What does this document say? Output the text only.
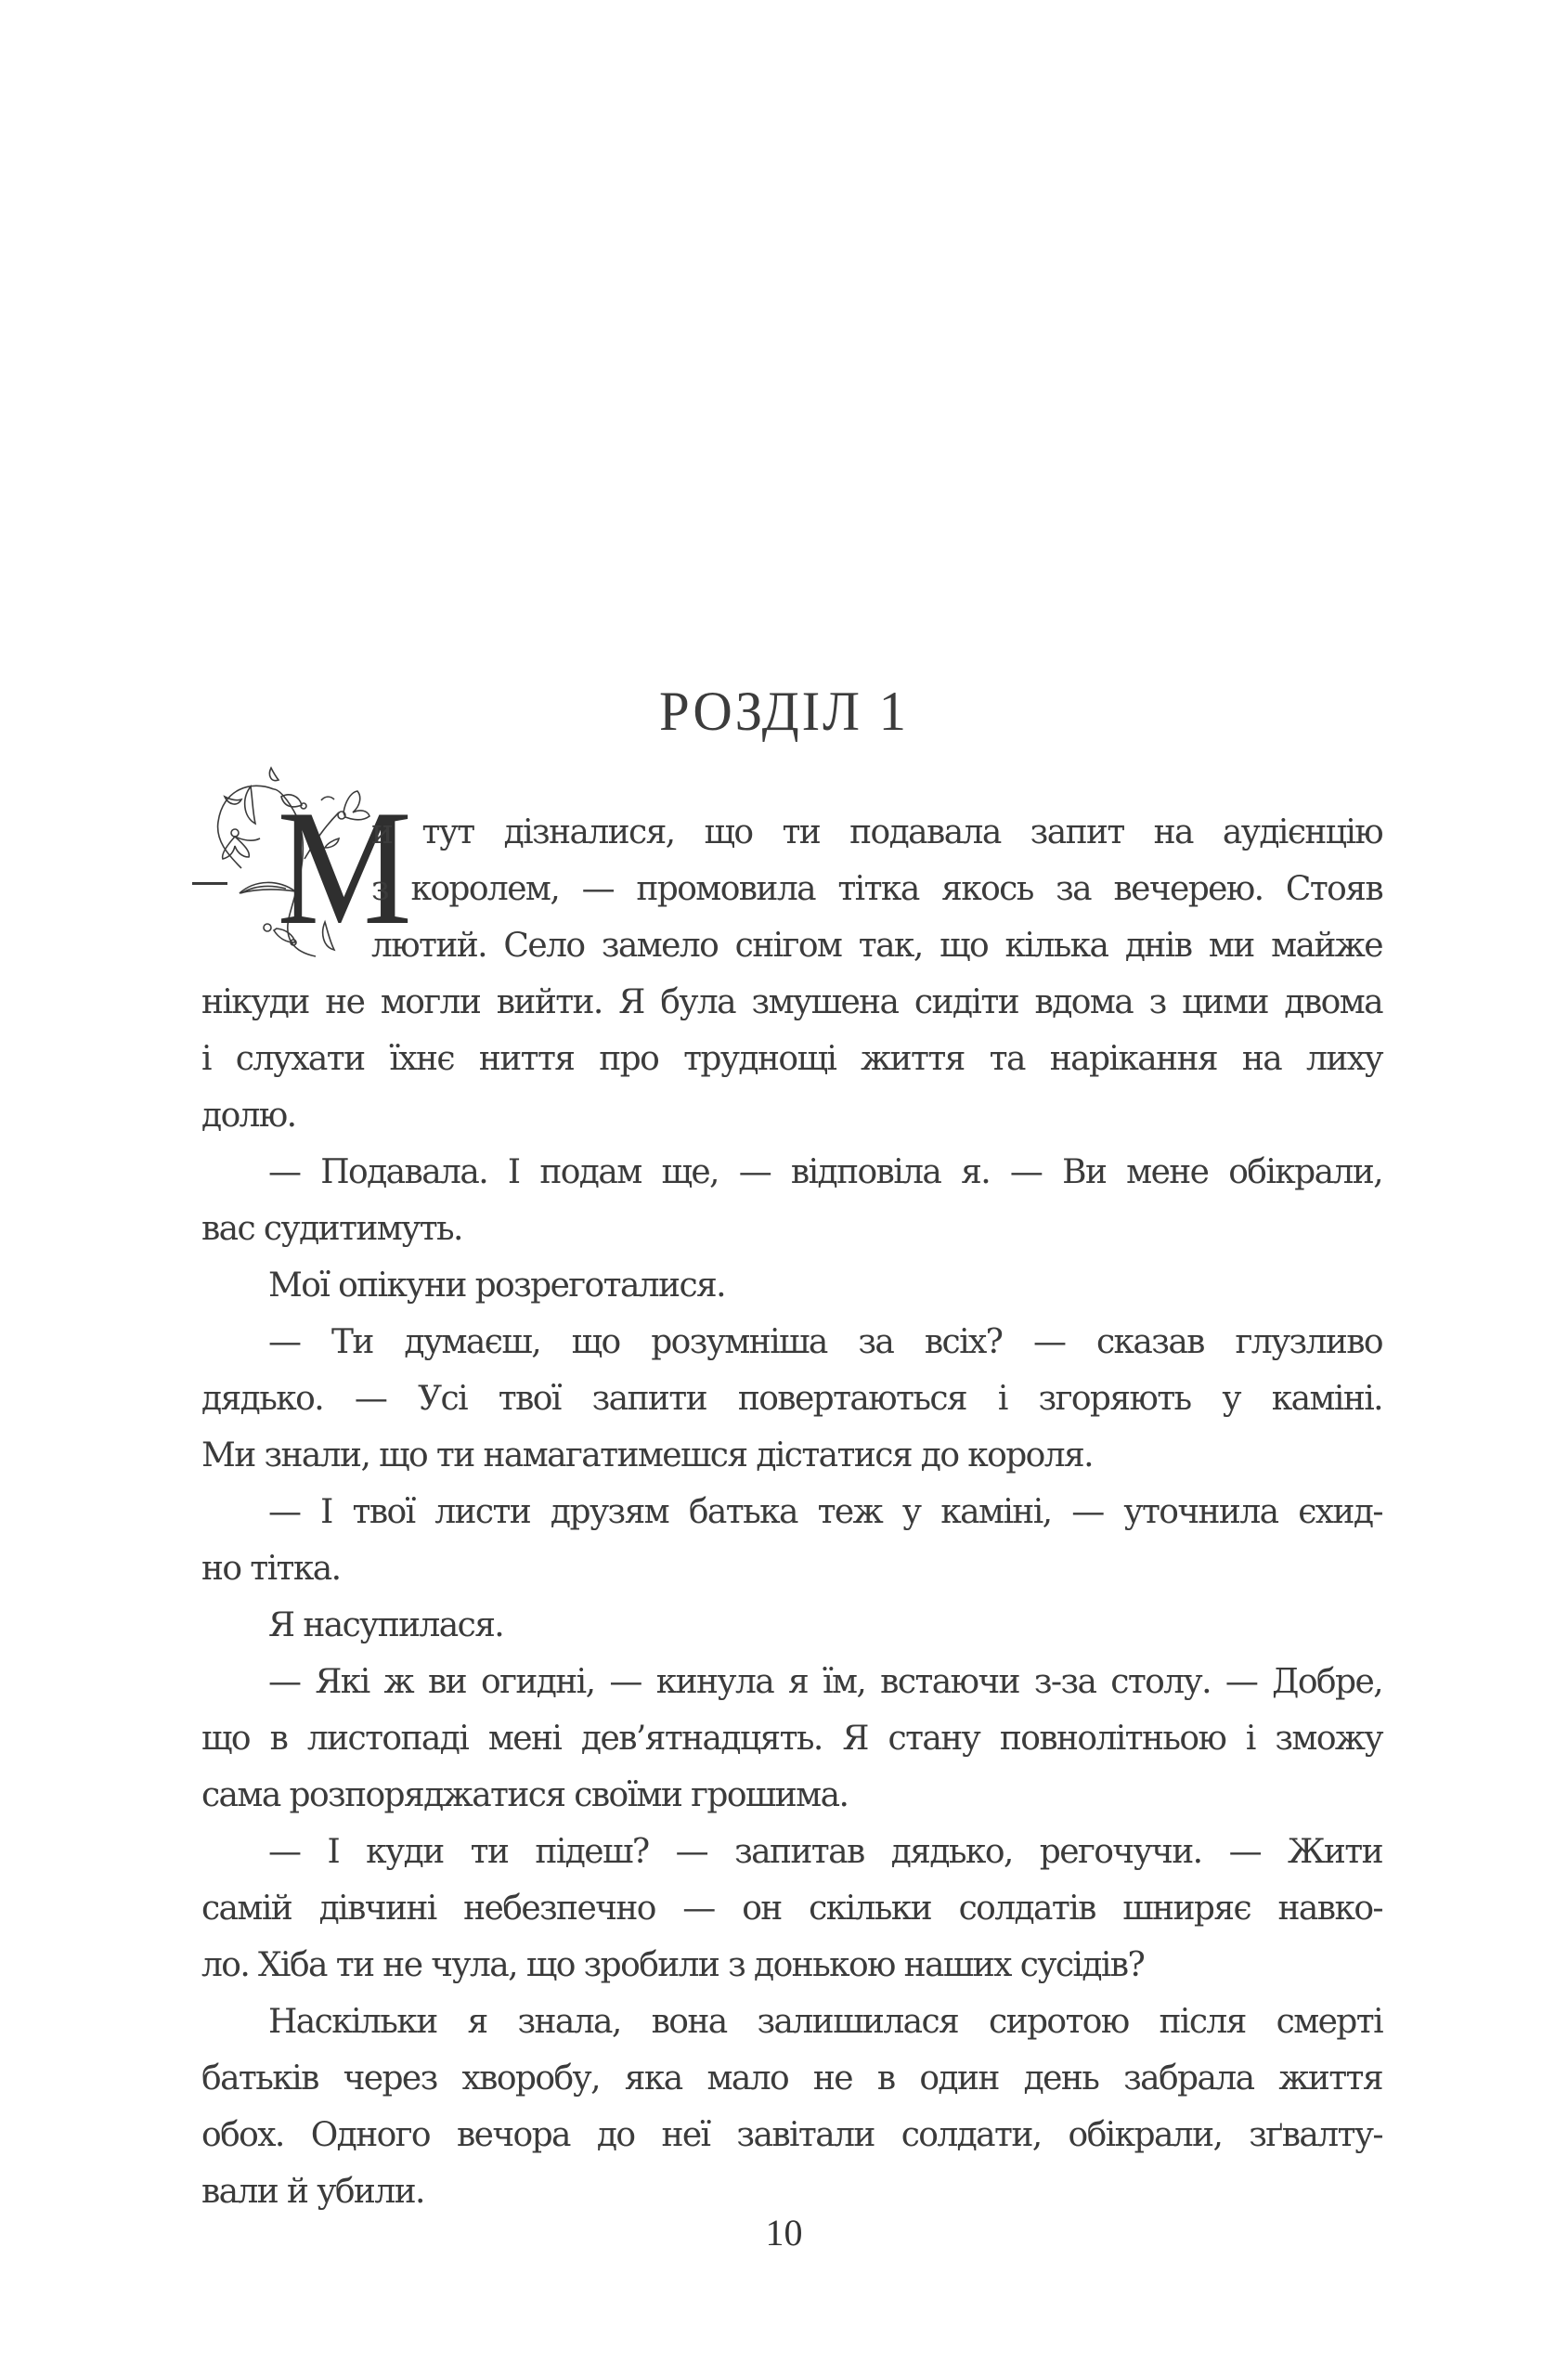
РОЗДІЛ 1
М
и тут дізналися, що ти подавала запит на аудієнцію
з королем, — промовила тітка якось за вечерею. Стояв
лютий. Село замело снігом так, що кілька днів ми майже
нікуди не могли вийти. Я була змушена сидіти вдома з цими двома
і слухати їхнє ниття про труднощі життя та нарікання на лиху
долю.
— Подавала. І подам ще, — відповіла я. — Ви мене обікрали,
вас судитимуть.
Мої опікуни розреготалися.
— Ти думаєш, що розумніша за всіх? — сказав глузливо
дядько. — Усі твої запити повертаються і згоряють у каміні.
Ми знали, що ти намагатимешся дістатися до короля.
— І твої листи друзям батька теж у каміні, — уточнила єхид-
но тітка.
Я насупилася.
— Які ж ви огидні, — кинула я їм, встаючи з-за столу. — Добре,
що в листопаді мені дев’ятнадцять. Я стану повнолітньою і зможу
сама розпоряджатися своїми грошима.
— І куди ти підеш? — запитав дядько, регочучи. — Жити
самій дівчині небезпечно — он скільки солдатів шниряє навко-
ло. Хіба ти не чула, що зробили з донькою наших сусідів?
Наскільки я знала, вона залишилася сиротою після смерті
батьків через хворобу, яка мало не в один день забрала життя
обох. Одного вечора до неї завітали солдати, обікрали, зґвалту-
вали й убили.
10
